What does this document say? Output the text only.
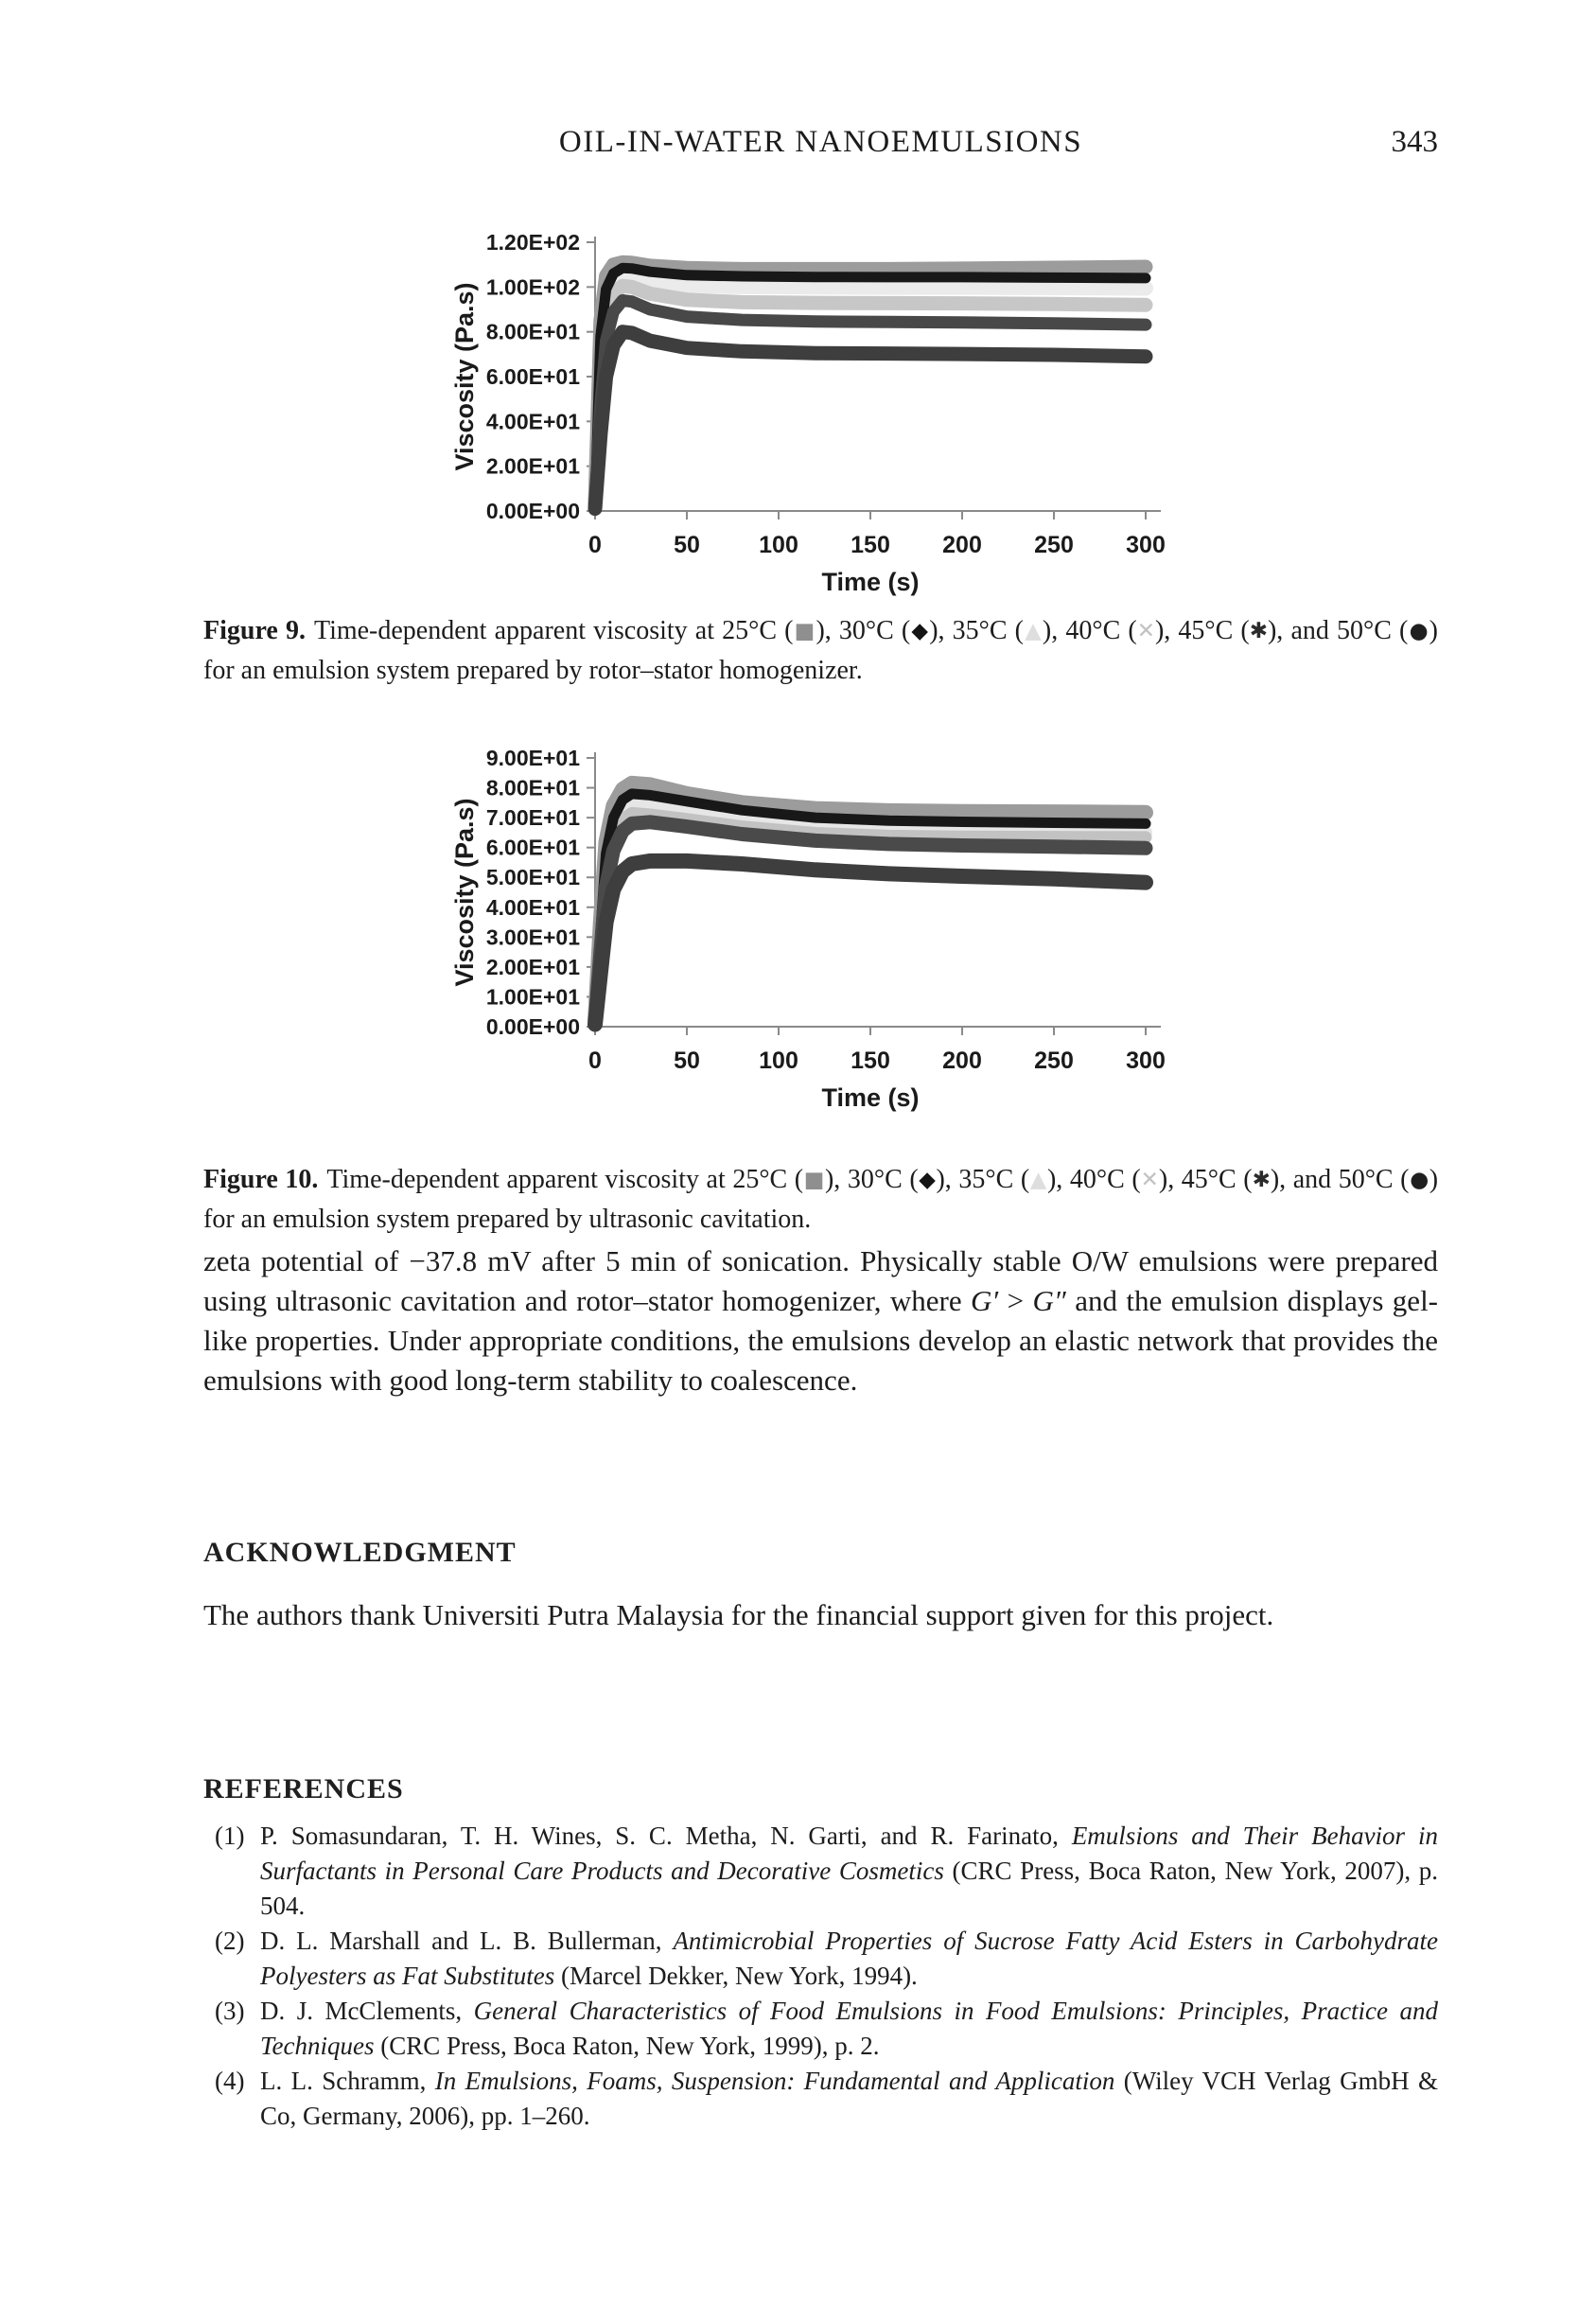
OIL-IN-WATER NANOEMULSIONS	343
0.00E+00
2.00E+01
4.00E+01
6.00E+01
8.00E+01
1.00E+02
1.20E+02
0	50 100 150 200 250 300
Time (s)
Viscosity (Pa.s)

Figure 9. Time-dependent apparent viscosity at 25°C (■), 30°C (◆), 35°C (▲), 40°C (✕), 45°C (✱), and 50°C (●) for an emulsion system prepared by rotor–stator homogenizer.

0.00E+00
1.00E+01
2.00E+01
3.00E+01
4.00E+01
5.00E+01
6.00E+01
7.00E+01
8.00E+01
9.00E+01
0	50 100 150 200 250 300
Time (s)
Viscosity (Pa.s)

Figure 10. Time-dependent apparent viscosity at 25°C (■), 30°C (◆), 35°C (▲), 40°C (✕), 45°C (✱), and 50°C (●) for an emulsion system prepared by ultrasonic cavitation.

zeta potential of −37.8 mV after 5 min of sonication. Physically stable O/W emulsions were prepared using ultrasonic cavitation and rotor–stator homogenizer, where G′ > G″ and the emulsion displays gel-like properties. Under appropriate conditions, the emulsions develop an elastic network that provides the emulsions with good long-term stability to coalescence.

ACKNOWLEDGMENT

The authors thank Universiti Putra Malaysia for the financial support given for this project.

REFERENCES
(1) P. Somasundaran, T. H. Wines, S. C. Metha, N. Garti, and R. Farinato, Emulsions and Their Behavior in Surfactants in Personal Care Products and Decorative Cosmetics (CRC Press, Boca Raton, New York, 2007), p. 504.
(2) D. L. Marshall and L. B. Bullerman, Antimicrobial Properties of Sucrose Fatty Acid Esters in Carbohydrate Polyesters as Fat Substitutes (Marcel Dekker, New York, 1994).
(3) D. J. McClements, General Characteristics of Food Emulsions in Food Emulsions: Principles, Practice and Techniques (CRC Press, Boca Raton, New York, 1999), p. 2.
(4) L. L. Schramm, In Emulsions, Foams, Suspension: Fundamental and Application (Wiley VCH Verlag GmbH & Co, Germany, 2006), pp. 1–260.
